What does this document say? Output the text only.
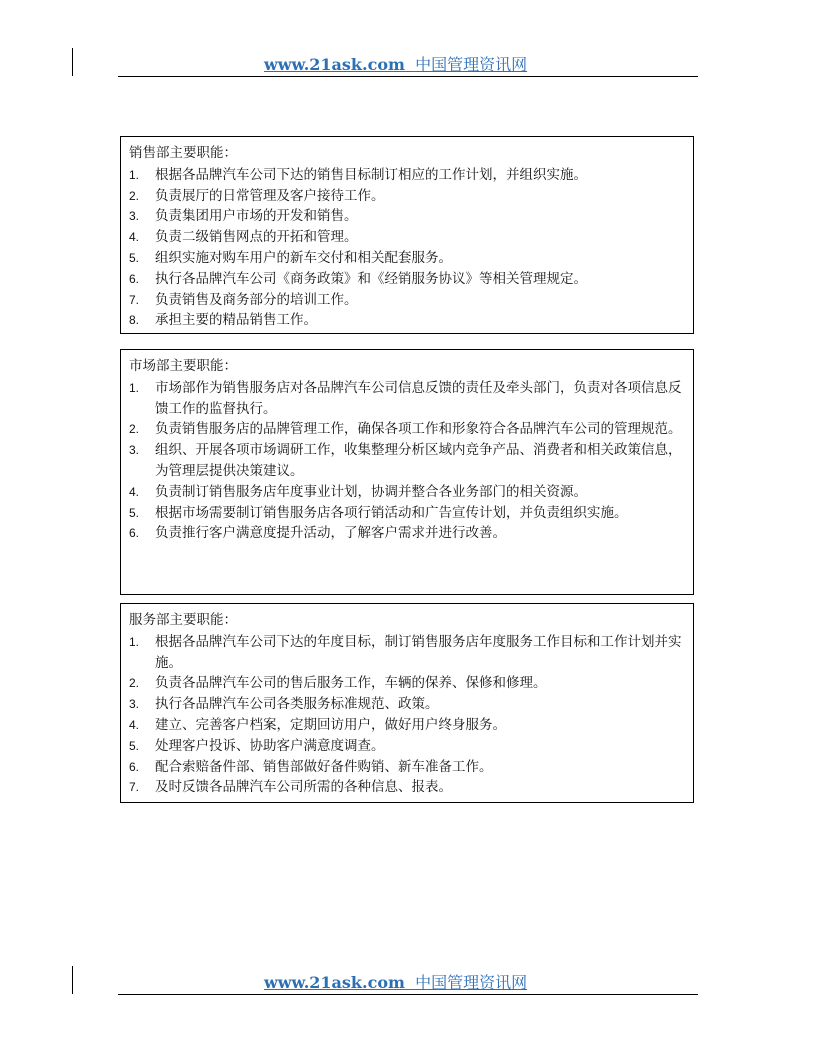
www.21ask.com 中国管理资讯网
销售部主要职能：
1.	根据各品牌汽车公司下达的销售目标制订相应的工作计划，并组织实施。
2.	负责展厅的日常管理及客户接待工作。
3.	负责集团用户市场的开发和销售。
4.	负责二级销售网点的开拓和管理。
5.	组织实施对购车用户的新车交付和相关配套服务。
6.	执行各品牌汽车公司《商务政策》和《经销服务协议》等相关管理规定。
7.	负责销售及商务部分的培训工作。
8.	承担主要的精品销售工作。
市场部主要职能：
1.	市场部作为销售服务店对各品牌汽车公司信息反馈的责任及牵头部门，负责对各项信息反馈工作的监督执行。
2.	负责销售服务店的品牌管理工作，确保各项工作和形象符合各品牌汽车公司的管理规范。
3.	组织、开展各项市场调研工作，收集整理分析区域内竞争产品、消费者和相关政策信息，为管理层提供决策建议。
4.	负责制订销售服务店年度事业计划，协调并整合各业务部门的相关资源。
5.	根据市场需要制订销售服务店各项行销活动和广告宣传计划，并负责组织实施。
6.	负责推行客户满意度提升活动，了解客户需求并进行改善。
服务部主要职能：
1.	根据各品牌汽车公司下达的年度目标，制订销售服务店年度服务工作目标和工作计划并实施。
2.	负责各品牌汽车公司的售后服务工作，车辆的保养、保修和修理。
3.	执行各品牌汽车公司各类服务标准规范、政策。
4.	建立、完善客户档案，定期回访用户，做好用户终身服务。
5.	处理客户投诉、协助客户满意度调查。
6.	配合索赔备件部、销售部做好备件购销、新车准备工作。
7.	及时反馈各品牌汽车公司所需的各种信息、报表。
www.21ask.com 中国管理资讯网
